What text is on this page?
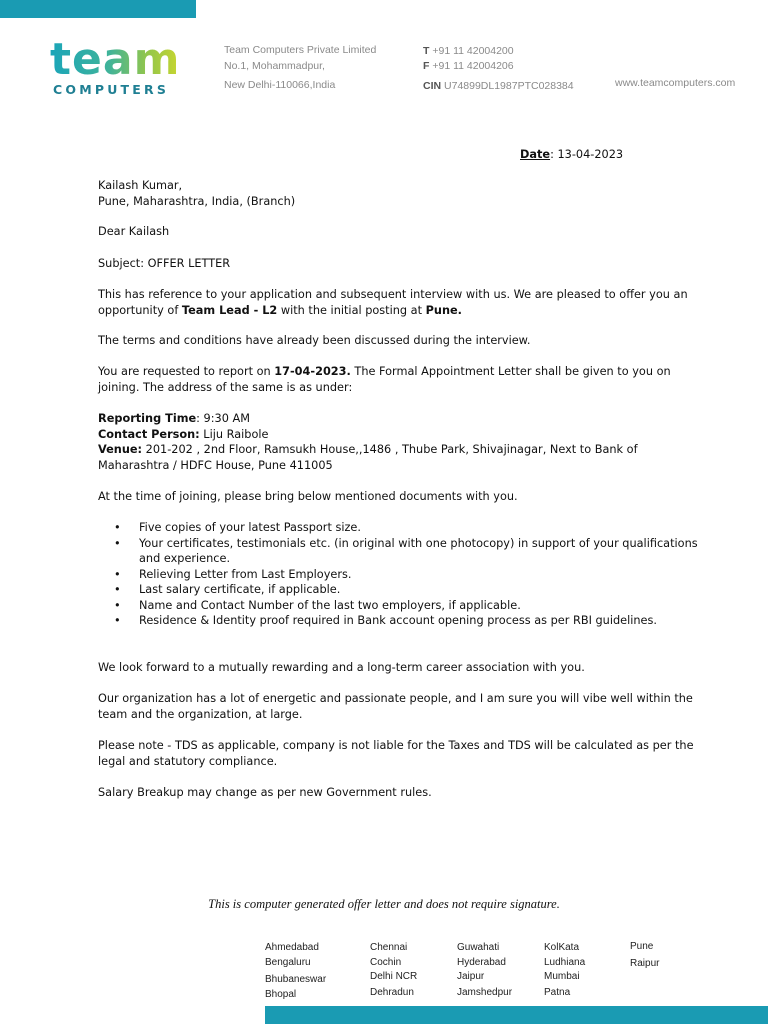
team
COMPUTERS
Team Computers Private Limited
No.1, Mohammadpur,
New Delhi-110066,India
T +91 11 42004200
F +91 11 42004206
CIN U74899DL1987PTC028384	www.teamcomputers.com
Date: 13-04-2023

Kailash Kumar,

Pune, Maharashtra, India, (Branch)

Dear Kailash
Subject: OFFER LETTER
This has reference to your application and subsequent interview with us. We are pleased to offer you an opportunity of Team Lead - L2 with the initial posting at Pune.
The terms and conditions have already been discussed during the interview.
You are requested to report on 17-04-2023. The Formal Appointment Letter shall be given to you on joining. The address of the same is as under:

Reporting Time: 9:30 AM

Contact Person: Liju Raibole

Venue: 201-202 , 2nd Floor, Ramsukh House,,1486 , Thube Park, Shivajinagar, Next to Bank of Maharashtra / HDFC House, Pune 411005

At the time of joining, please bring below mentioned documents with you.
•	Five copies of your latest Passport size.
•	Your certificates, testimonials etc. (in original with one photocopy) in support of your qualifications and experience.
•	Relieving Letter from Last Employers.
•	Last salary certificate, if applicable.
•	Name and Contact Number of the last two employers, if applicable.
•	Residence & Identity proof required in Bank account opening process as per RBI guidelines.
We look forward to a mutually rewarding and a long-term career association with you.
Our organization has a lot of energetic and passionate people, and I am sure you will vibe well within the team and the organization, at large.
Please note - TDS as applicable, company is not liable for the Taxes and TDS will be calculated as per the legal and statutory compliance.
Salary Breakup may change as per new Government rules.
This is computer generated offer letter and does not require signature.
Ahmedabad
Bengaluru
Bhubaneswar
Bhopal
Chennai
Cochin
Delhi NCR
Dehradun
Guwahati
Hyderabad
Jaipur
Jamshedpur
KolKata
Ludhiana
Mumbai
Patna
Pune
Raipur
